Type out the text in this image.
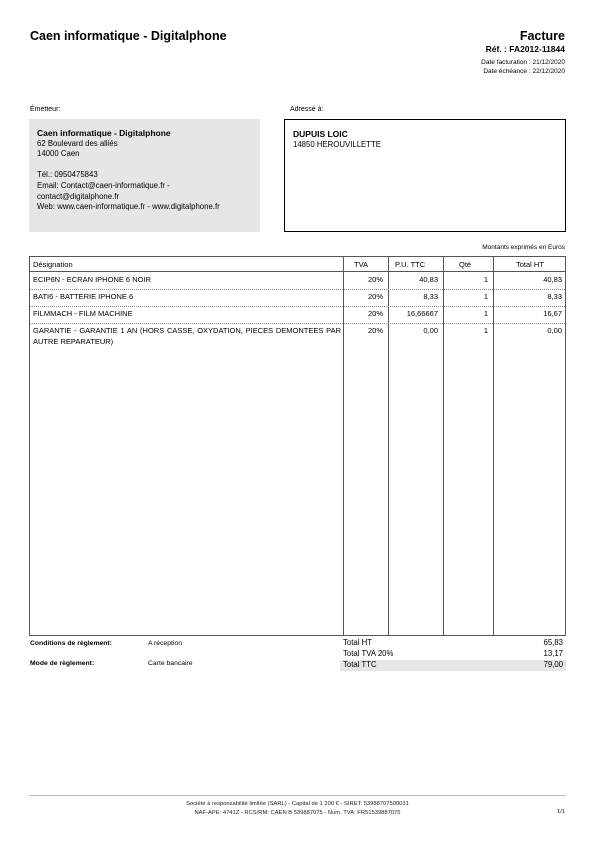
Caen informatique - Digitalphone	Facture
Réf. : FA2012-11844
Date facturation : 21/12/2020
Date échéance : 22/12/2020
Émetteur:	Adressé à:
Caen informatique - Digitalphone
62 Boulevard des alliés
14000 Caen
Tél.: 0950475843
Email: Contact@caen-informatique.fr -
contact@digitalphone.fr
Web: www.caen-informatique.fr - www.digitalphone.fr
DUPUIS LOIC
14850 HEROUVILLETTE
Montants exprimés en Euros
Désignation	TVA	P.U. TTC	Qté	Total HT
ECIP6N - ECRAN IPHONE 6 NOIR	20%	40,83	1	40,83
BATI6 - BATTERIE IPHONE 6	20%	8,33	1	8,33
FILMMACH - FILM MACHINE	20%	16,66667	1	16,67
GARANTIE - GARANTIE 1 AN (HORS CASSE, OXYDATION, PIECES DEMONTEES PAR AUTRE REPARATEUR)
20%	0,00	1	0,00
Conditions de règlement:	A réception
Mode de règlement:	Carte bancaire
Total HT	65,83
Total TVA 20%	13,17
Total TTC	79,00
Société à responsabilité limitée (SARL) - Capital de 1 200 € - SIRET: 53988707500031
NAF-APE: 4741Z - RCS/RM: CAEN B 539887075 - Num. TVA: FR51539887075	1/1
